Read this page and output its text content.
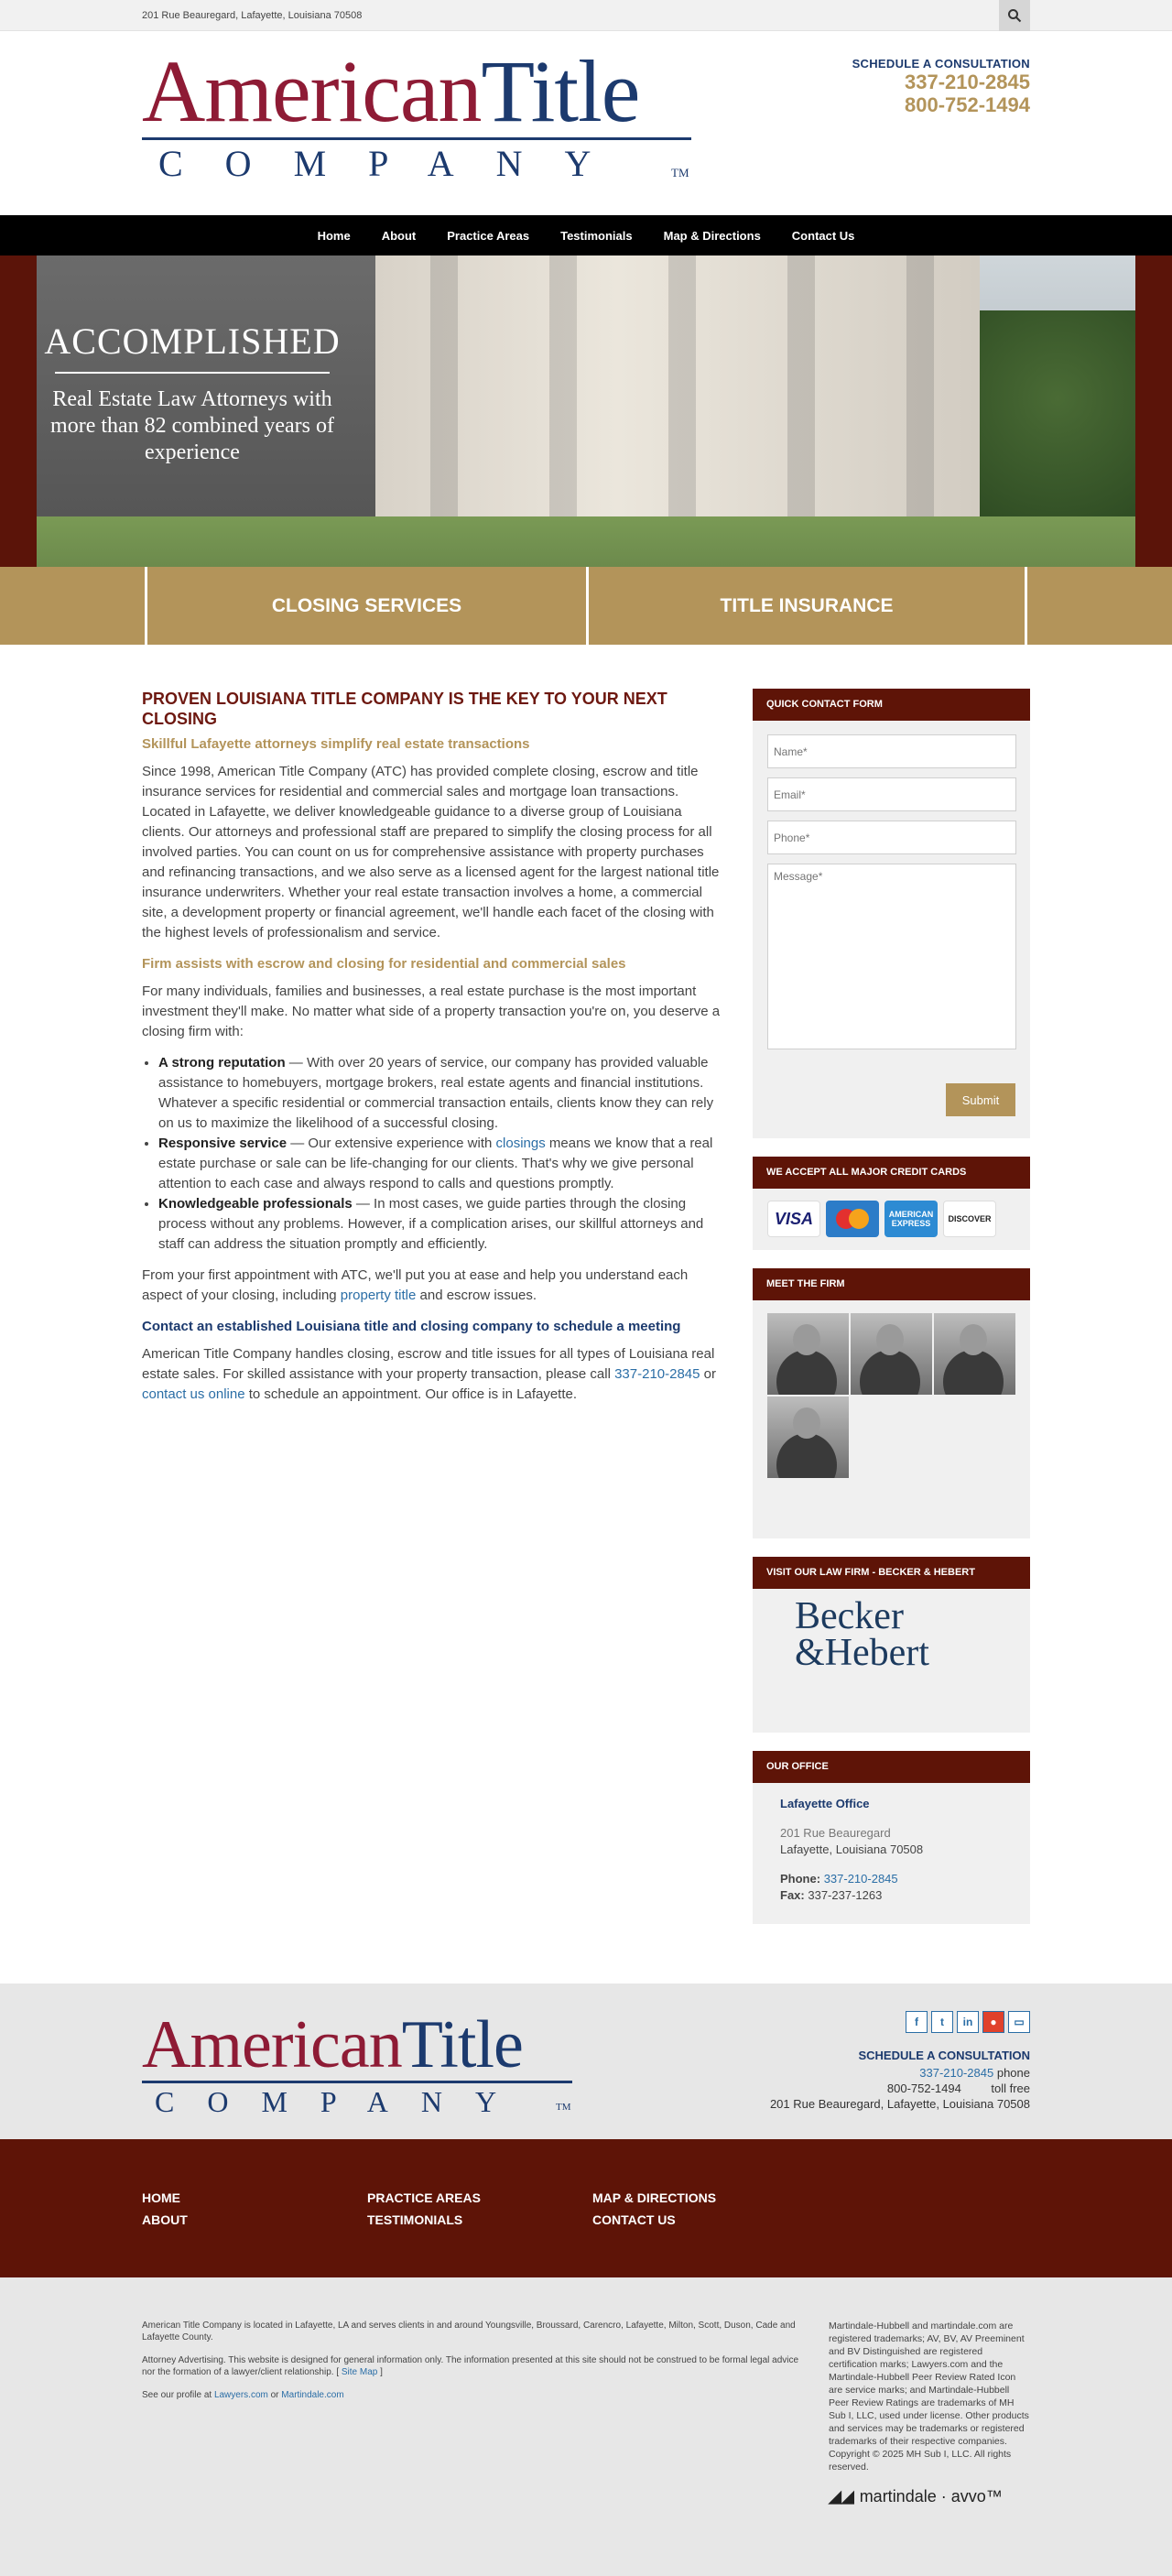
201 Rue Beauregard, Lafayette, Louisiana 70508
AmericanTitle
COMPANY	TM
SCHEDULE A CONSULTATION
337-210-2845
800-752-1494
Home	About	Practice Areas	Testimonials	Map & Directions	Contact Us
ACCOMPLISHED

Real Estate Law Attorneys with more than 82 combined years of experience

CLOSING SERVICES	TITLE INSURANCE
PROVEN LOUISIANA TITLE COMPANY IS THE KEY TO YOUR NEXT CLOSING
Skillful Lafayette attorneys simplify real estate transactions

Since 1998, American Title Company (ATC) has provided complete closing, escrow and title insurance services for residential and commercial sales and mortgage loan transactions. Located in Lafayette, we deliver knowledgeable guidance to a diverse group of Louisiana clients. Our attorneys and professional staff are prepared to simplify the closing process for all involved parties. You can count on us for comprehensive assistance with property purchases and refinancing transactions, and we also serve as a licensed agent for the largest national title insurance underwriters. Whether your real estate transaction involves a home, a commercial site, a development property or financial agreement, we'll handle each facet of the closing with the highest levels of professionalism and service.

Firm assists with escrow and closing for residential and commercial sales

For many individuals, families and businesses, a real estate purchase is the most important investment they'll make. No matter what side of a property transaction you're on, you deserve a closing firm with:

• A strong reputation — With over 20 years of service, our company has provided valuable assistance to homebuyers, mortgage brokers, real estate agents and financial institutions. Whatever a specific residential or commercial transaction entails, clients know they can rely on us to maximize the likelihood of a successful closing.
• Responsive service — Our extensive experience with closings means we know that a real estate purchase or sale can be life-changing for our clients. That's why we give personal attention to each case and always respond to calls and questions promptly.
• Knowledgeable professionals — In most cases, we guide parties through the closing process without any problems. However, if a complication arises, our skillful attorneys and staff can address the situation promptly and efficiently.

From your first appointment with ATC, we'll put you at ease and help you understand each aspect of your closing, including property title and escrow issues.

Contact an established Louisiana title and closing company to schedule a meeting

American Title Company handles closing, escrow and title issues for all types of Louisiana real estate sales. For skilled assistance with your property transaction, please call 337-210-2845 or contact us online to schedule an appointment. Our office is in Lafayette.

QUICK CONTACT FORM
Name* Email* Phone* Message*
Submit
WE ACCEPT ALL MAJOR CREDIT CARDS
VISA	AMERICAN EXPRESS	DISCOVER
MEET THE FIRM
VISIT OUR LAW FIRM - BECKER & HEBERT
Becker
&Hebert
OUR OFFICE
Lafayette Office
201 Rue Beauregard
Lafayette, Louisiana 70508
Phone: 337-210-2845
Fax: 337-237-1263
AmericanTitle
COMPANY	TM
f	t	in	●	▭
SCHEDULE A CONSULTATION
337-210-2845 phone
800-752-1494	toll free
201 Rue Beauregard, Lafayette, Louisiana 70508
HOME
ABOUT
PRACTICE AREAS
TESTIMONIALS
MAP & DIRECTIONS
CONTACT US

American Title Company is located in Lafayette, LA and serves clients in and around Youngsville, Broussard, Carencro, Lafayette, Milton, Scott, Duson, Cade and Lafayette County.

Attorney Advertising. This website is designed for general information only. The information presented at this site should not be construed to be formal legal advice nor the formation of a lawyer/client relationship. [ Site Map ]

See our profile at Lawyers.com or Martindale.com

Martindale-Hubbell and martindale.com are registered trademarks; AV, BV, AV Preeminent and BV Distinguished are registered certification marks; Lawyers.com and the Martindale-Hubbell Peer Review Rated Icon are service marks; and Martindale-Hubbell Peer Review Ratings are trademarks of MH Sub I, LLC, used under license. Other products and services may be trademarks or registered trademarks of their respective companies. Copyright © 2025 MH Sub I, LLC. All rights reserved.
◢◢ martindale · avvo™
